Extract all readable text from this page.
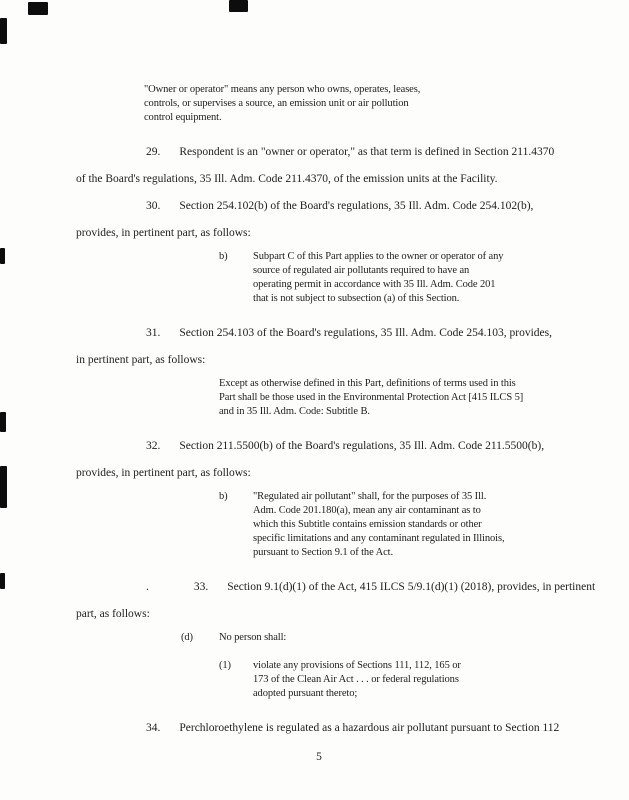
"Owner or operator" means any person who owns, operates, leases,
controls, or supervises a source, an emission unit or air pollution
control equipment.
29. Respondent is an "owner or operator," as that term is defined in Section 211.4370
of the Board's regulations, 35 Ill. Adm. Code 211.4370, of the emission units at the Facility.
30. Section 254.102(b) of the Board's regulations, 35 Ill. Adm. Code 254.102(b),
provides, in pertinent part, as follows:
b)	Subpart C of this Part applies to the owner or operator of any
source of regulated air pollutants required to have an
operating permit in accordance with 35 Ill. Adm. Code 201
that is not subject to subsection (a) of this Section.
31. Section 254.103 of the Board's regulations, 35 Ill. Adm. Code 254.103, provides,
in pertinent part, as follows:
Except as otherwise defined in this Part, definitions of terms used in this
Part shall be those used in the Environmental Protection Act [415 ILCS 5]
and in 35 Ill. Adm. Code: Subtitle B.
32. Section 211.5500(b) of the Board's regulations, 35 Ill. Adm. Code 211.5500(b),
provides, in pertinent part, as follows:
b)	"Regulated air pollutant" shall, for the purposes of 35 Ill.
Adm. Code 201.180(a), mean any air contaminant as to
which this Subtitle contains emission standards or other
specific limitations and any contaminant regulated in Illinois,
pursuant to Section 9.1 of the Act.
.	33. Section 9.1(d)(1) of the Act, 415 ILCS 5/9.1(d)(1) (2018), provides, in pertinent
part, as follows:
(d)	No person shall:
(1)	violate any provisions of Sections 111, 112, 165 or
173 of the Clean Air Act . . . or federal regulations
adopted pursuant thereto;
34. Perchloroethylene is regulated as a hazardous air pollutant pursuant to Section 112
5
